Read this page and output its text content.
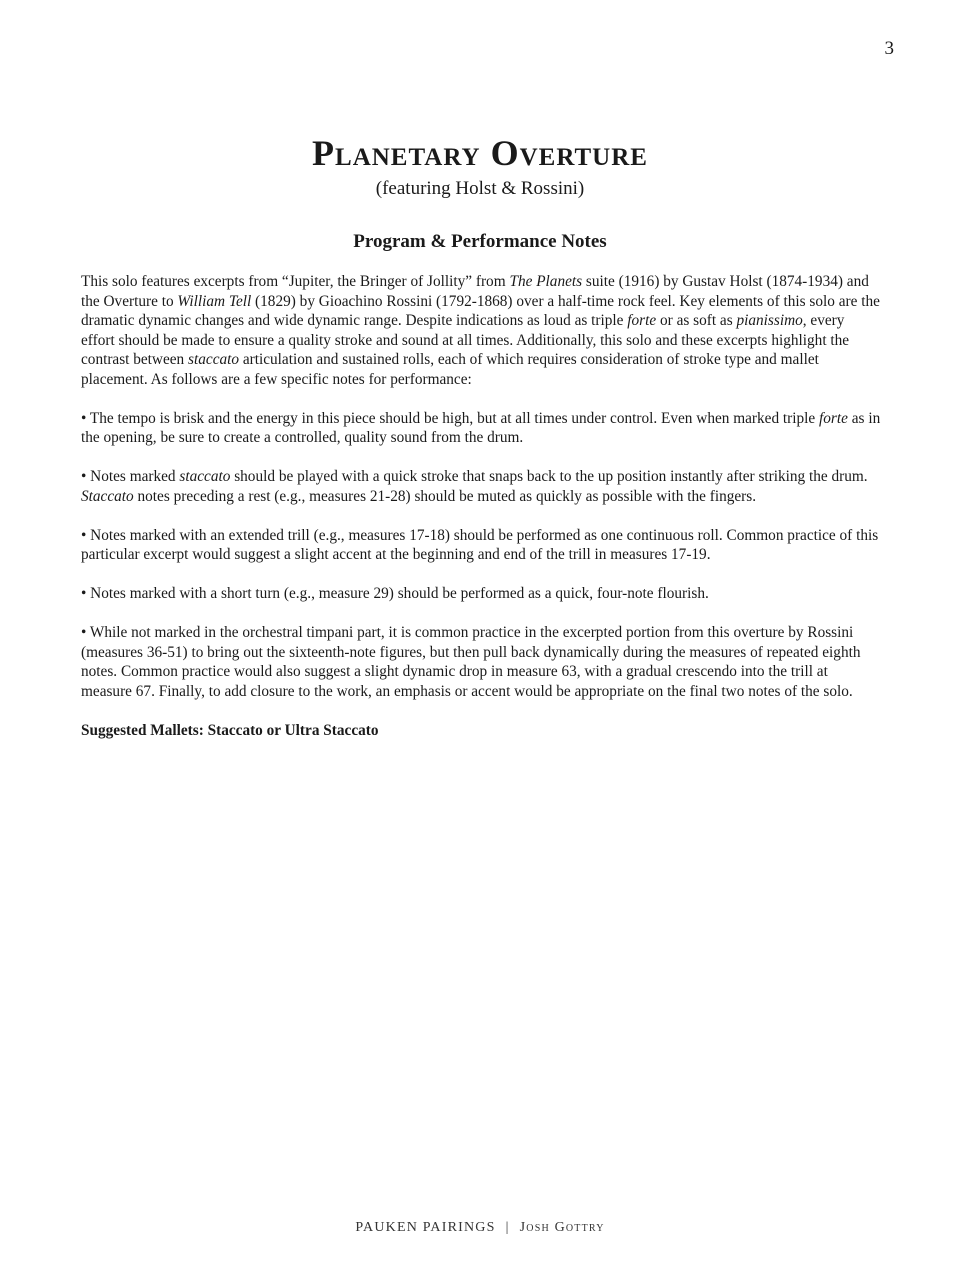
3
Planetary Overture

(featuring Holst & Rossini)

Program & Performance Notes

This solo features excerpts from “Jupiter, the Bringer of Jollity” from The Planets suite (1916) by Gustav Holst (1874-1934) and the Overture to William Tell (1829) by Gioachino Rossini (1792-1868) over a half-time rock feel. Key elements of this solo are the dramatic dynamic changes and wide dynamic range. Despite indications as loud as triple forte or as soft as pianissimo, every effort should be made to ensure a quality stroke and sound at all times. Additionally, this solo and these excerpts highlight the contrast between staccato articulation and sustained rolls, each of which requires consideration of stroke type and mallet placement. As follows are a few specific notes for performance:

• The tempo is brisk and the energy in this piece should be high, but at all times under control. Even when marked triple forte as in the opening, be sure to create a controlled, quality sound from the drum.

• Notes marked staccato should be played with a quick stroke that snaps back to the up position instantly after striking the drum. Staccato notes preceding a rest (e.g., measures 21-28) should be muted as quickly as possible with the fingers.

• Notes marked with an extended trill (e.g., measures 17-18) should be performed as one continuous roll. Common practice of this particular excerpt would suggest a slight accent at the beginning and end of the trill in measures 17-19.

• Notes marked with a short turn (e.g., measure 29) should be performed as a quick, four-note flourish.

• While not marked in the orchestral timpani part, it is common practice in the excerpted portion from this overture by Rossini (measures 36-51) to bring out the sixteenth-note figures, but then pull back dynamically during the measures of repeated eighth notes. Common practice would also suggest a slight dynamic drop in measure 63, with a gradual crescendo into the trill at measure 67. Finally, to add closure to the work, an emphasis or accent would be appropriate on the final two notes of the solo.

Suggested Mallets: Staccato or Ultra Staccato

PAUKEN PAIRINGS | Josh Gottry
